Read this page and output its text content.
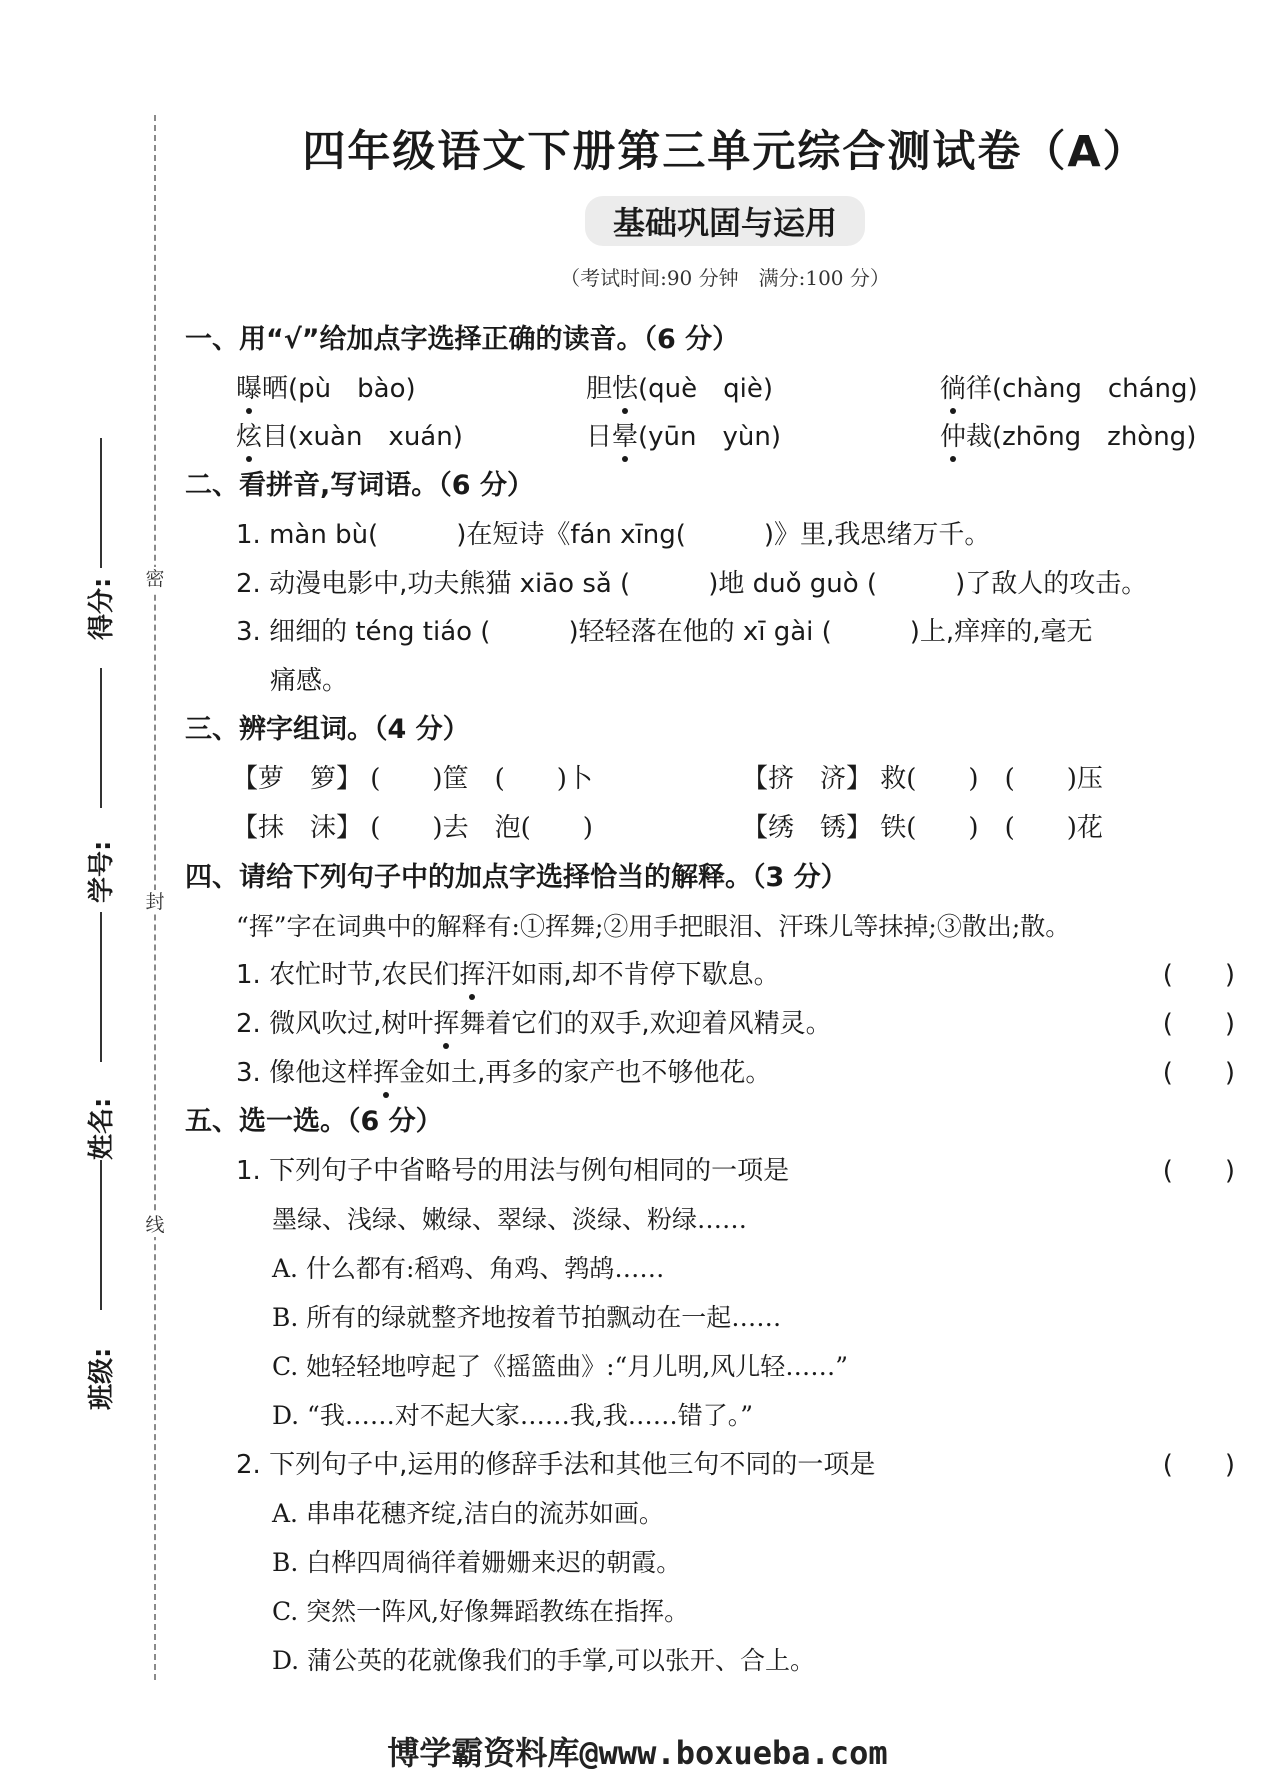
密
封
线
得分:
学号:
姓名:
班级:
四年级语文下册第三单元综合测试卷（A）
基础巩固与运用
（考试时间:90 分钟　满分:100 分）
一、用“√”给加点字选择正确的读音。（6 分）
曝晒(pù　bào)	胆怯(què　qiè)	徜徉(chàng　cháng)
炫目(xuàn　xuán)	日晕(yūn　yùn)	仲裁(zhōng　zhòng)
二、看拼音,写词语。（6 分）
1. màn bù(　　　)在短诗《fán xīng(　　　)》里,我思绪万千。
2. 动漫电影中,功夫熊猫 xiāo sǎ (　　　)地 duǒ guò (　　　)了敌人的攻击。
3. 细细的 téng tiáo (　　　)轻轻落在他的 xī gài (　　　)上,痒痒的,毫无
痛感。
三、辨字组词。（4 分）
【萝　箩】 (　　)筐　(　　)卜	【挤　济】 救(　　)　(　　)压
【抹　沫】 (　　)去　泡(　　)	【绣　锈】 铁(　　)　(　　)花
四、请给下列句子中的加点字选择恰当的解释。（3 分）
“挥”字在词典中的解释有:①挥舞;②用手把眼泪、汗珠儿等抹掉;③散出;散。
1. 农忙时节,农民们挥汗如雨,却不肯停下歇息。	(　　)
2. 微风吹过,树叶挥舞着它们的双手,欢迎着风精灵。	(　　)
3. 像他这样挥金如土,再多的家产也不够他花。	(　　)
五、选一选。（6 分）
1. 下列句子中省略号的用法与例句相同的一项是	(　　)
墨绿、浅绿、嫩绿、翠绿、淡绿、粉绿……
A. 什么都有:稻鸡、角鸡、鹁鸪……
B. 所有的绿就整齐地按着节拍飘动在一起……
C. 她轻轻地哼起了《摇篮曲》:“月儿明,风儿轻……”
D. “我……对不起大家……我,我……错了。”
2. 下列句子中,运用的修辞手法和其他三句不同的一项是	(　　)
A. 串串花穗齐绽,洁白的流苏如画。
B. 白桦四周徜徉着姗姗来迟的朝霞。
C. 突然一阵风,好像舞蹈教练在指挥。
D. 蒲公英的花就像我们的手掌,可以张开、合上。
博学霸资料库@www.boxueba.com
